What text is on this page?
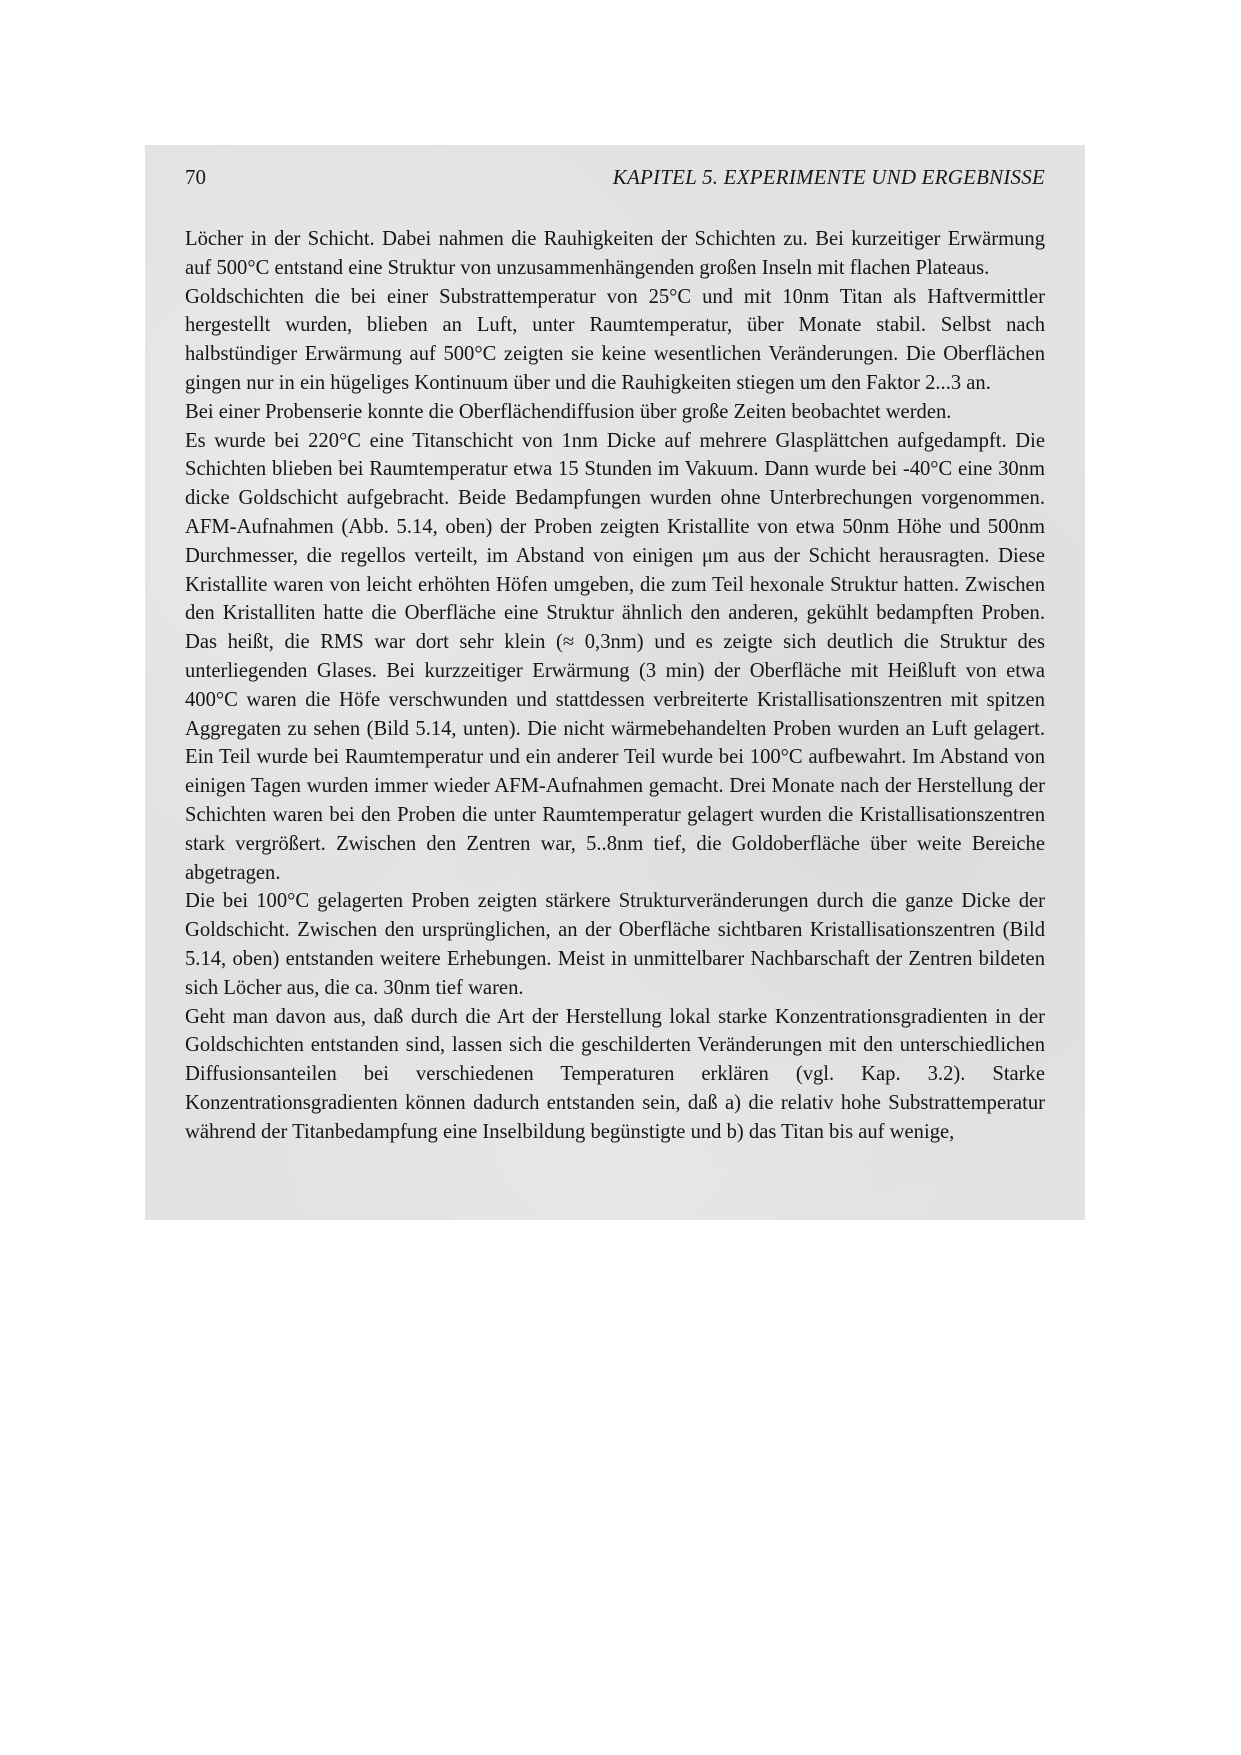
70	KAPITEL 5. EXPERIMENTE UND ERGEBNISSE

Löcher in der Schicht. Dabei nahmen die Rauhigkeiten der Schichten zu. Bei kurzeitiger Erwärmung auf 500°C entstand eine Struktur von unzusammenhängenden großen Inseln mit flachen Plateaus.

Goldschichten die bei einer Substrattemperatur von 25°C und mit 10nm Titan als Haftvermittler hergestellt wurden, blieben an Luft, unter Raumtemperatur, über Monate stabil. Selbst nach halbstündiger Erwärmung auf 500°C zeigten sie keine wesentlichen Veränderungen. Die Oberflächen gingen nur in ein hügeliges Kontinuum über und die Rauhigkeiten stiegen um den Faktor 2...3 an.

Bei einer Probenserie konnte die Oberflächendiffusion über große Zeiten beobachtet werden.

Es wurde bei 220°C eine Titanschicht von 1nm Dicke auf mehrere Glasplättchen aufgedampft. Die Schichten blieben bei Raumtemperatur etwa 15 Stunden im Vakuum. Dann wurde bei -40°C eine 30nm dicke Goldschicht aufgebracht. Beide Bedampfungen wurden ohne Unterbrechungen vorgenommen. AFM-Aufnahmen (Abb. 5.14, oben) der Proben zeigten Kristallite von etwa 50nm Höhe und 500nm Durchmesser, die regellos verteilt, im Abstand von einigen μm aus der Schicht herausragten. Diese Kristallite waren von leicht erhöhten Höfen umgeben, die zum Teil hexonale Struktur hatten. Zwischen den Kristalliten hatte die Oberfläche eine Struktur ähnlich den anderen, gekühlt bedampften Proben. Das heißt, die RMS war dort sehr klein (≈ 0,3nm) und es zeigte sich deutlich die Struktur des unterliegenden Glases. Bei kurzzeitiger Erwärmung (3 min) der Oberfläche mit Heißluft von etwa 400°C waren die Höfe verschwunden und stattdessen verbreiterte Kristallisationszentren mit spitzen Aggregaten zu sehen (Bild 5.14, unten). Die nicht wärmebehandelten Proben wurden an Luft gelagert. Ein Teil wurde bei Raumtemperatur und ein anderer Teil wurde bei 100°C aufbewahrt. Im Abstand von einigen Tagen wurden immer wieder AFM-Aufnahmen gemacht. Drei Monate nach der Herstellung der Schichten waren bei den Proben die unter Raumtemperatur gelagert wurden die Kristallisationszentren stark vergrößert. Zwischen den Zentren war, 5..8nm tief, die Goldoberfläche über weite Bereiche abgetragen.

Die bei 100°C gelagerten Proben zeigten stärkere Strukturveränderungen durch die ganze Dicke der Goldschicht. Zwischen den ursprünglichen, an der Oberfläche sichtbaren Kristallisationszentren (Bild 5.14, oben) entstanden weitere Erhebungen. Meist in unmittelbarer Nachbarschaft der Zentren bildeten sich Löcher aus, die ca. 30nm tief waren.

Geht man davon aus, daß durch die Art der Herstellung lokal starke Konzentrationsgradienten in der Goldschichten entstanden sind, lassen sich die geschilderten Veränderungen mit den unterschiedlichen Diffusionsanteilen bei verschiedenen Temperaturen erklären (vgl. Kap. 3.2). Starke Konzentrationsgradienten können dadurch entstanden sein, daß a) die relativ hohe Substrattemperatur während der Titanbedampfung eine Inselbildung begünstigte und b) das Titan bis auf wenige,
